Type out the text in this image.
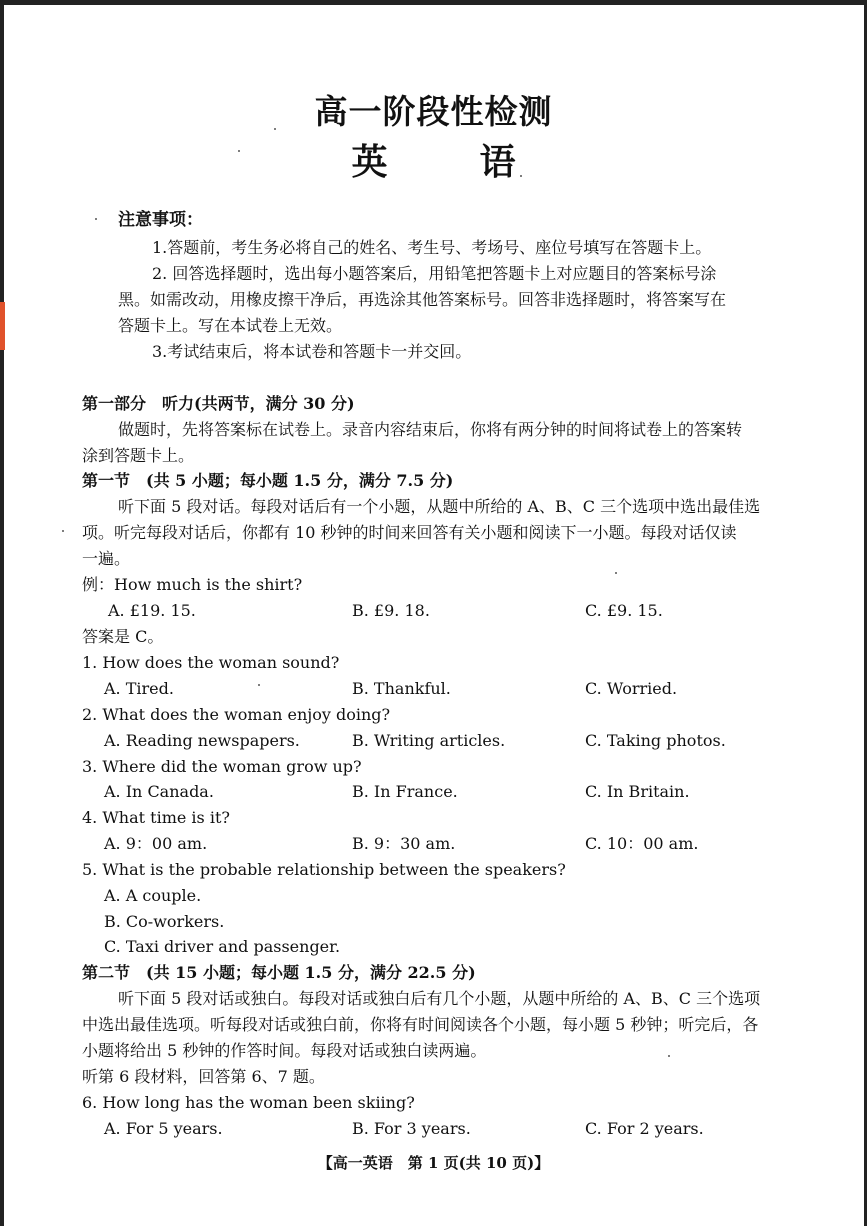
高一阶段性检测
英	语
注意事项：
1.答题前，考生务必将自己的姓名、考生号、考场号、座位号填写在答题卡上。
2. 回答选择题时，选出每小题答案后，用铅笔把答题卡上对应题目的答案标号涂
黑。如需改动，用橡皮擦干净后，再选涂其他答案标号。回答非选择题时，将答案写在
答题卡上。写在本试卷上无效。
3.考试结束后，将本试卷和答题卡一并交回。
第一部分　听力(共两节，满分 30 分)
做题时，先将答案标在试卷上。录音内容结束后，你将有两分钟的时间将试卷上的答案转
涂到答题卡上。
第一节　(共 5 小题；每小题 1.5 分，满分 7.5 分)
听下面 5 段对话。每段对话后有一个小题，从题中所给的 A、B、C 三个选项中选出最佳选
项。听完每段对话后，你都有 10 秒钟的时间来回答有关小题和阅读下一小题。每段对话仅读
一遍。
例：How much is the shirt?
A. £19. 15.	B. £9. 18.	C. £9. 15.
答案是 C。
1. How does the woman sound?
A. Tired.	B. Thankful.	C. Worried.
2. What does the woman enjoy doing?
A. Reading newspapers.	B. Writing articles.	C. Taking photos.
3. Where did the woman grow up?
A. In Canada.	B. In France.	C. In Britain.
4. What time is it?
A. 9：00 am.	B. 9：30 am.	C. 10：00 am.
5. What is the probable relationship between the speakers?
A. A couple.
B. Co-workers.
C. Taxi driver and passenger.
第二节　(共 15 小题；每小题 1.5 分，满分 22.5 分)
听下面 5 段对话或独白。每段对话或独白后有几个小题，从题中所给的 A、B、C 三个选项
中选出最佳选项。听每段对话或独白前，你将有时间阅读各个小题，每小题 5 秒钟；听完后，各
小题将给出 5 秒钟的作答时间。每段对话或独白读两遍。
听第 6 段材料，回答第 6、7 题。
6. How long has the woman been skiing?
A. For 5 years.	B. For 3 years.	C. For 2 years.
【高一英语　第 1 页(共 10 页)】
